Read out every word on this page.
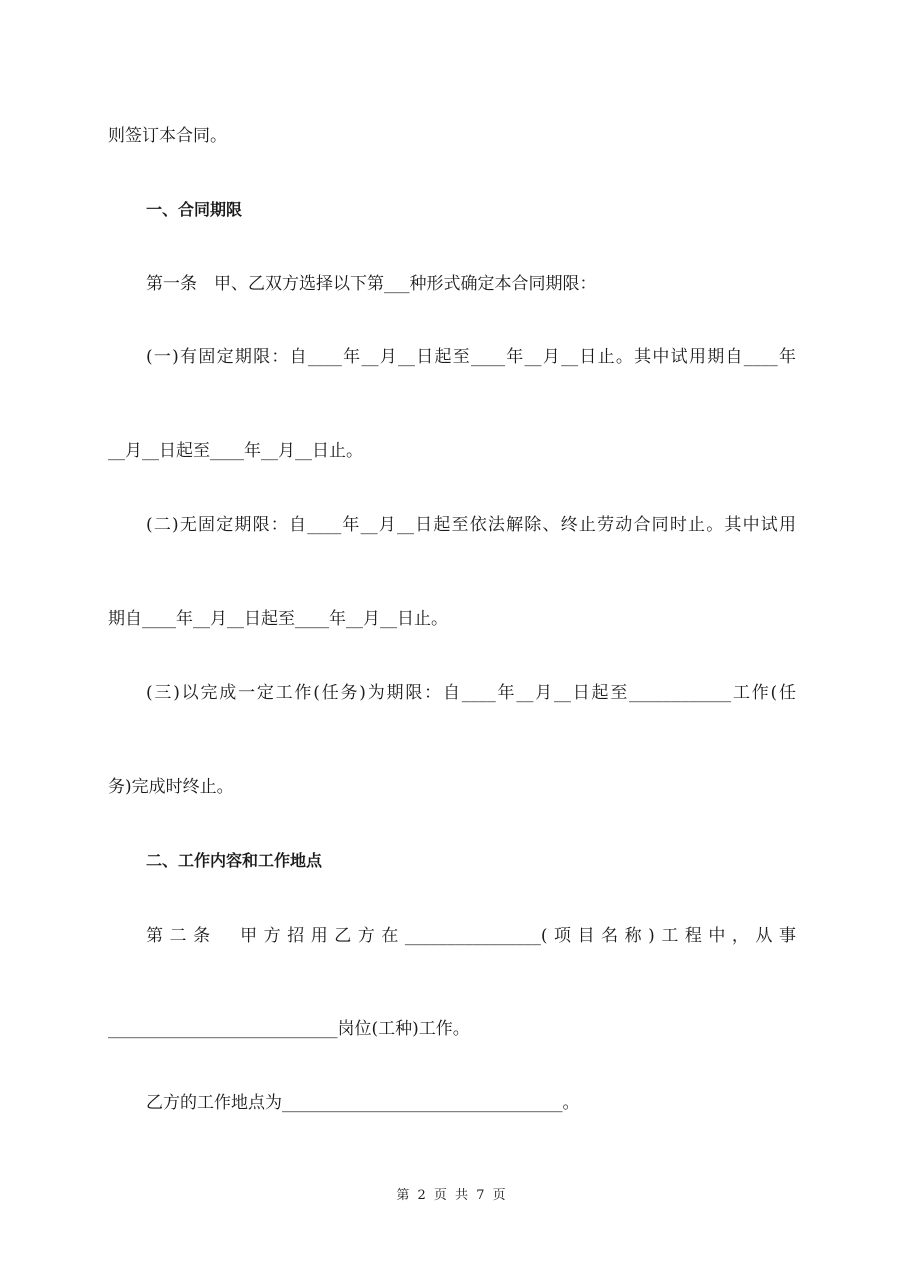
则签订本合同。
一、合同期限
第一条　甲、乙双方选择以下第___种形式确定本合同期限：
(一)有固定期限：自____年__月__日起至____年__月__日止。其中试用期自____年
__月__日起至____年__月__日止。
(二)无固定期限：自____年__月__日起至依法解除、终止劳动合同时止。其中试用
期自____年__月__日起至____年__月__日止。
(三)以完成一定工作(任务)为期限：自____年__月__日起至____________工作(任
务)完成时终止。
二、工作内容和工作地点
第二条　甲方招用乙方在________________(项目名称)工程中，从事
___________________________岗位(工种)工作。
乙方的工作地点为_________________________________。
第 2 页 共 7 页
